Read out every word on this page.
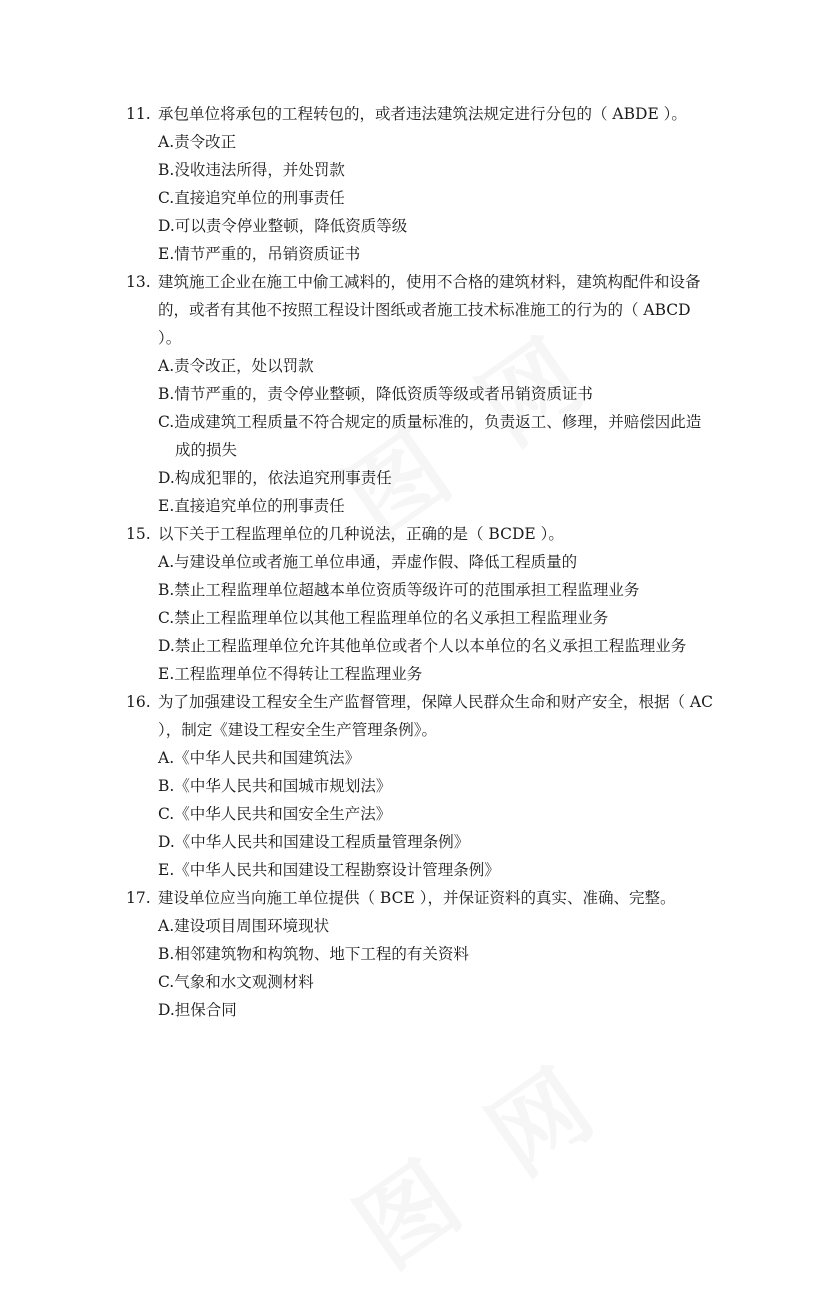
11. 承包单位将承包的工程转包的，或者违法建筑法规定进行分包的（ ABDE ）。

A.责令改正

B.没收违法所得，并处罚款

C.直接追究单位的刑事责任

D.可以责令停业整顿，降低资质等级

E.情节严重的，吊销资质证书

13. 建筑施工企业在施工中偷工减料的，使用不合格的建筑材料，建筑构配件和设备的，或者有其他不按照工程设计图纸或者施工技术标准施工的行为的（ ABCD ）。

A.责令改正，处以罚款

B.情节严重的，责令停业整顿，降低资质等级或者吊销资质证书

C.造成建筑工程质量不符合规定的质量标准的，负责返工、修理，并赔偿因此造成的损失

D.构成犯罪的，依法追究刑事责任

E.直接追究单位的刑事责任

15. 以下关于工程监理单位的几种说法，正确的是（ BCDE ）。

A.与建设单位或者施工单位串通，弄虚作假、降低工程质量的

B.禁止工程监理单位超越本单位资质等级许可的范围承担工程监理业务

C.禁止工程监理单位以其他工程监理单位的名义承担工程监理业务

D.禁止工程监理单位允许其他单位或者个人以本单位的名义承担工程监理业务

E.工程监理单位不得转让工程监理业务

16. 为了加强建设工程安全生产监督管理，保障人民群众生命和财产安全，根据（ AC ），制定《建设工程安全生产管理条例》。

A.《中华人民共和国建筑法》

B.《中华人民共和国城市规划法》

C.《中华人民共和国安全生产法》

D.《中华人民共和国建设工程质量管理条例》

E.《中华人民共和国建设工程勘察设计管理条例》

17. 建设单位应当向施工单位提供（ BCE ），并保证资料的真实、准确、完整。

A.建设项目周围环境现状

B.相邻建筑物和构筑物、地下工程的有关资料

C.气象和水文观测材料

D.担保合同
